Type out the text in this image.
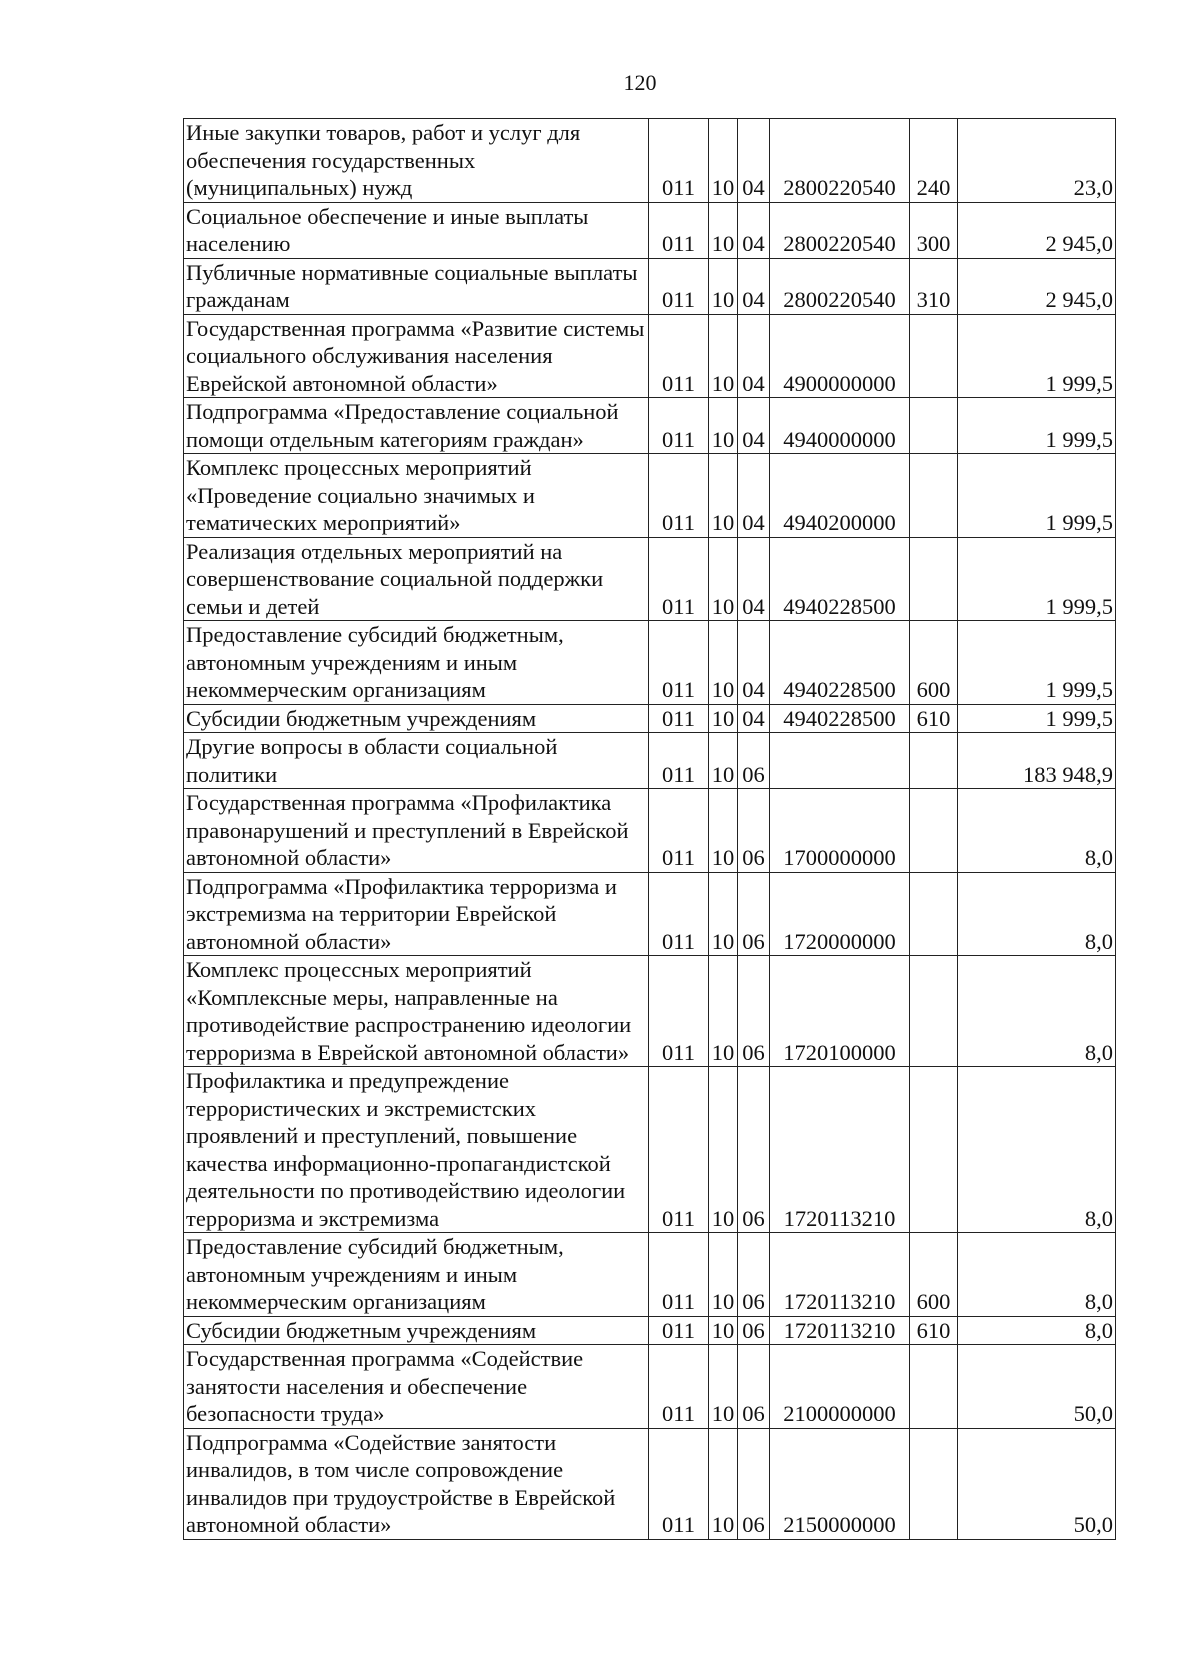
120
Иные закупки товаров, работ и услуг для обеспечения государственных (муниципальных) нужд	011	10	04	2800220540	240	23,0
Социальное обеспечение и иные выплаты населению	011	10	04	2800220540	300	2 945,0
Публичные нормативные социальные выплаты гражданам	011	10	04	2800220540	310	2 945,0
Государственная программа «Развитие системы социального обслуживания населения Еврейской автономной области»	011	10	04	4900000000		1 999,5
Подпрограмма «Предоставление социальной помощи отдельным категориям граждан»	011	10	04	4940000000		1 999,5
Комплекс процессных мероприятий «Проведение социально значимых и тематических мероприятий»	011	10	04	4940200000		1 999,5
Реализация отдельных мероприятий на совершенствование социальной поддержки семьи и детей	011	10	04	4940228500		1 999,5
Предоставление субсидий бюджетным, автономным учреждениям и иным некоммерческим организациям	011	10	04	4940228500	600	1 999,5
Субсидии бюджетным учреждениям	011	10	04	4940228500	610	1 999,5
Другие вопросы в области социальной политики	011	10	06			183 948,9
Государственная программа «Профилактика правонарушений и преступлений в Еврейской автономной области»	011	10	06	1700000000		8,0
Подпрограмма «Профилактика терроризма и экстремизма на территории Еврейской автономной области»	011	10	06	1720000000		8,0
Комплекс процессных мероприятий «Комплексные меры, направленные на противодействие распространению идеологии терроризма в Еврейской автономной области»	011	10	06	1720100000		8,0
Профилактика и предупреждение террористических и экстремистских проявлений и преступлений, повышение качества информационно-пропагандистской деятельности по противодействию идеологии терроризма и экстремизма	011	10	06	1720113210		8,0
Предоставление субсидий бюджетным, автономным учреждениям и иным некоммерческим организациям	011	10	06	1720113210	600	8,0
Субсидии бюджетным учреждениям	011	10	06	1720113210	610	8,0
Государственная программа «Содействие занятости населения и обеспечение безопасности труда»	011	10	06	2100000000		50,0
Подпрограмма «Содействие занятости инвалидов, в том числе сопровождение инвалидов при трудоустройстве в Еврейской автономной области»	011	10	06	2150000000		50,0
